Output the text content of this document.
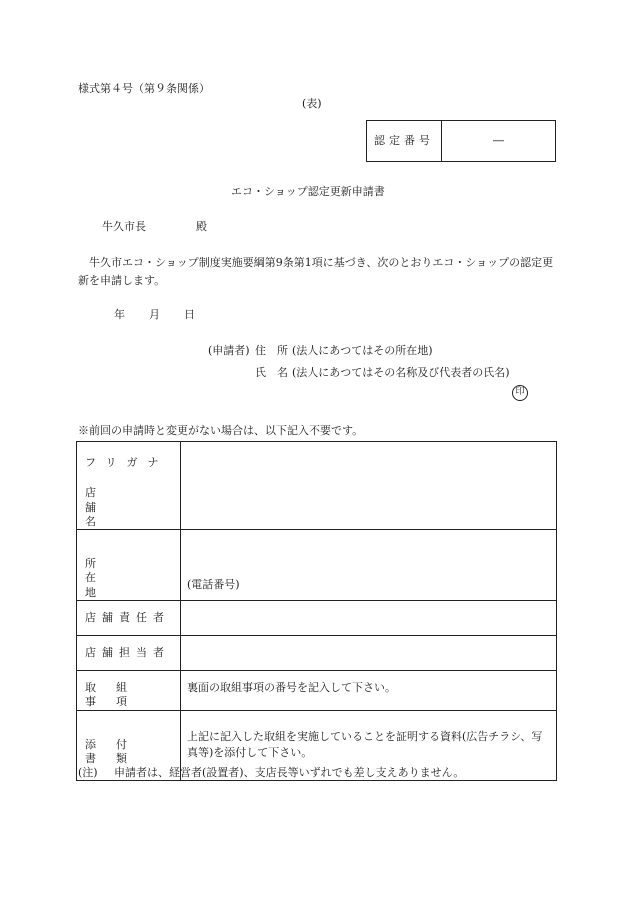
様式第４号（第９条関係）
(表)
認定番号	―
エコ・ショップ認定更新申請書
牛久市長	殿
　牛久市エコ・ショップ制度実施要綱第9条第1項に基づき、次のとおりエコ・ショップの認定更新を申請します。
年 月 日
(申請者) 住　所 (法人にあつてはその所在地)
氏　名 (法人にあつてはその名称及び代表者の氏名)
印
※前回の申請時と変更がない場合は、以下記入不要です。
フリガナ
店舗名	

所在地	(電話番号)

店舗責任者	

店舗担当者	

取組事項	裏面の取組事項の番号を記入して下さい。

添付書類	上記に記入した取組を実施していることを証明する資料(広告チラシ、写真等)を添付して下さい。
(注) 申請者は、経営者(設置者)、支店長等いずれでも差し支えありません。
